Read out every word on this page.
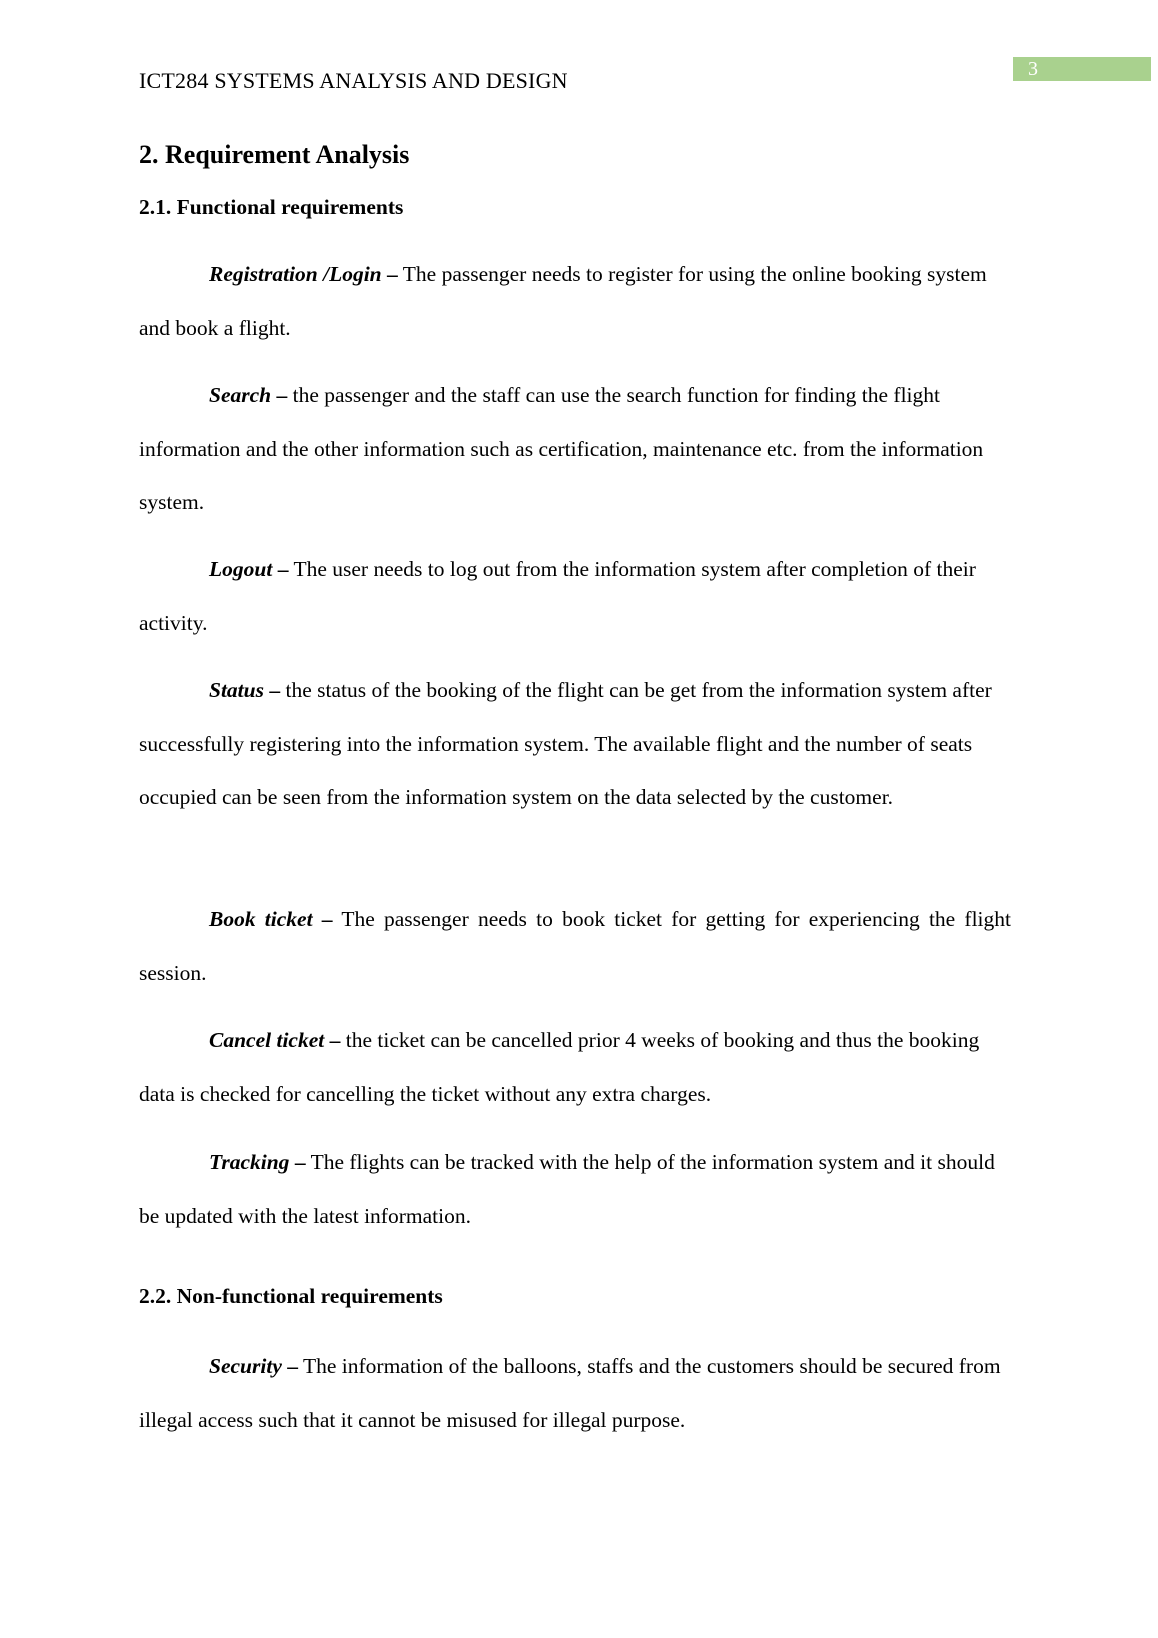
ICT284 SYSTEMS ANALYSIS AND DESIGN	3
2. Requirement Analysis
2.1. Functional requirements

Registration /Login – The passenger needs to register for using the online booking system and book a flight.

Search – the passenger and the staff can use the search function for finding the flight information and the other information such as certification, maintenance etc. from the information system.

Logout – The user needs to log out from the information system after completion of their activity.

Status – the status of the booking of the flight can be get from the information system after successfully registering into the information system. The available flight and the number of seats occupied can be seen from the information system on the data selected by the customer.

Book ticket – The passenger needs to book ticket for getting for experiencing the flight session.

Cancel ticket – the ticket can be cancelled prior 4 weeks of booking and thus the booking data is checked for cancelling the ticket without any extra charges.

Tracking – The flights can be tracked with the help of the information system and it should be updated with the latest information.

2.2. Non-functional requirements

Security – The information of the balloons, staffs and the customers should be secured from illegal access such that it cannot be misused for illegal purpose.
